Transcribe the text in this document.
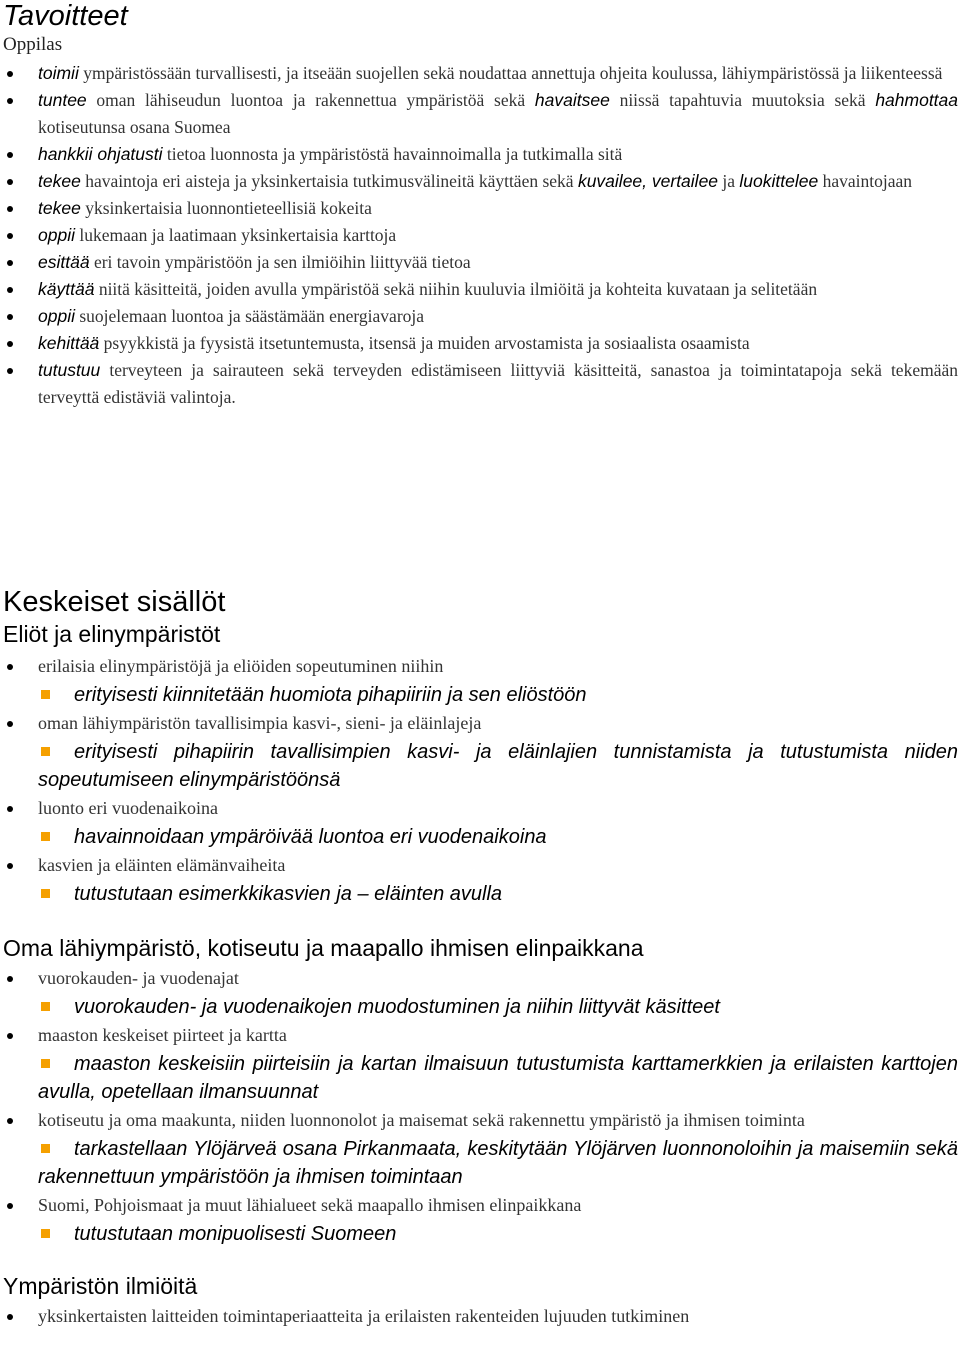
Tavoitteet
Oppilas
toimii ympäristössään turvallisesti, ja itseään suojellen sekä noudattaa annettuja ohjeita koulussa, lähiympäristössä ja liikenteessä
tuntee oman lähiseudun luontoa ja rakennettua ympäristöä sekä havaitsee niissä tapahtuvia muutoksia sekä hahmottaa kotiseutunsa osana Suomea
hankkii ohjatusti tietoa luonnosta ja ympäristöstä havainnoimalla ja tutkimalla sitä
tekee havaintoja eri aisteja ja yksinkertaisia tutkimusvälineitä käyttäen sekä kuvailee, vertailee ja luokittelee havaintojaan
tekee yksinkertaisia luonnontieteellisiä kokeita
oppii lukemaan ja laatimaan yksinkertaisia karttoja
esittää eri tavoin ympäristöön ja sen ilmiöihin liittyvää tietoa
käyttää niitä käsitteitä, joiden avulla ympäristöä sekä niihin kuuluvia ilmiöitä ja kohteita kuvataan ja selitetään
oppii suojelemaan luontoa ja säästämään energiavaroja
kehittää psyykkistä ja fyysistä itsetuntemusta, itsensä ja muiden arvostamista ja sosiaalista osaamista
tutustuu terveyteen ja sairauteen sekä terveyden edistämiseen liittyviä käsitteitä, sanastoa ja toimintatapoja sekä tekemään terveyttä edistäviä valintoja.
Keskeiset sisällöt
Eliöt ja elinympäristöt
erilaisia elinympäristöjä ja eliöiden sopeutuminen niihin
erityisesti kiinnitetään huomiota pihapiiriin ja sen eliöstöön
oman lähiympäristön tavallisimpia kasvi-, sieni- ja eläinlajeja
erityisesti pihapiirin tavallisimpien kasvi- ja eläinlajien tunnistamista ja tutustumista niiden sopeutumiseen elinympäristöönsä
luonto eri vuodenaikoina
havainnoidaan ympäröivää luontoa eri vuodenaikoina
kasvien ja eläinten elämänvaiheita
tutustutaan esimerkkikasvien ja – eläinten avulla
Oma lähiympäristö, kotiseutu ja maapallo ihmisen elinpaikkana
vuorokauden- ja vuodenajat
vuorokauden- ja vuodenaikojen muodostuminen ja niihin liittyvät käsitteet
maaston keskeiset piirteet ja kartta
maaston keskeisiin piirteisiin ja kartan ilmaisuun tutustumista karttamerkkien ja erilaisten karttojen avulla, opetellaan ilmansuunnat
kotiseutu ja oma maakunta, niiden luonnonolot ja maisemat sekä rakennettu ympäristö ja ihmisen toiminta
tarkastellaan Ylöjärveä osana Pirkanmaata, keskitytään Ylöjärven luonnonoloihin ja maisemiin sekä rakennettuun ympäristöön ja ihmisen toimintaan
Suomi, Pohjoismaat ja muut lähialueet sekä maapallo ihmisen elinpaikkana
tutustutaan monipuolisesti Suomeen
Ympäristön ilmiöitä
yksinkertaisten laitteiden toimintaperiaatteita ja erilaisten rakenteiden lujuuden tutkiminen
